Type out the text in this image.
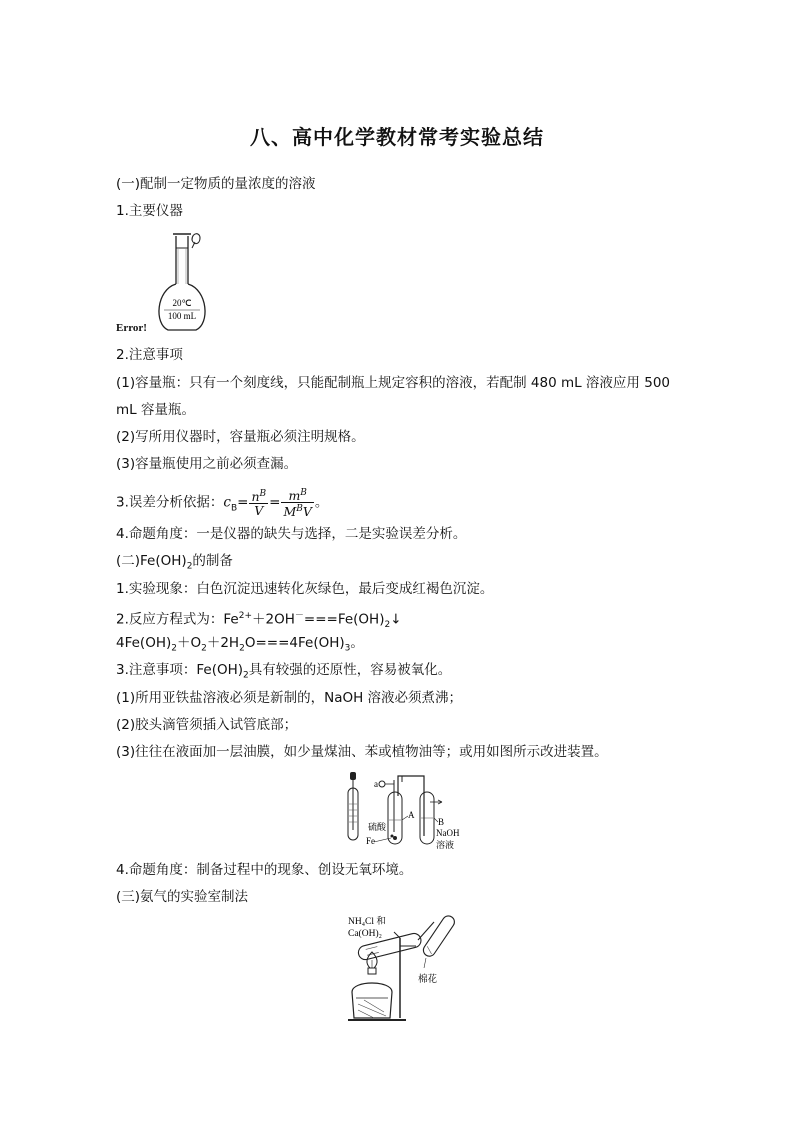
八、高中化学教材常考实验总结
(一)配制一定物质的量浓度的溶液
1.主要仪器
20℃
100 mL
Error!
2.注意事项
(1)容量瓶：只有一个刻度线，只能配制瓶上规定容积的溶液，若配制 480 mL 溶液应用 500
mL 容量瓶。
(2)写所用仪器时，容量瓶必须注明规格。
(3)容量瓶使用之前必须查漏。
3.误差分析依据：$c_B= \frac{n^B}{V} = \frac{m^B}{M^BV}$ 。
4.命题角度：一是仪器的缺失与选择，二是实验误差分析。
(二)$Fe(OH)_2$的制备
1.实验现象：白色沉淀迅速转化灰绿色，最后变成红褐色沉淀。
2.反应方程式为：$Fe^{2+}+2OH^-===Fe(OH)_2↓$
$4Fe(OH)_2+O_2+2H_2O===4Fe(OH)_3$。
3.注意事项：$Fe(OH)_2$具有较强的还原性，容易被氧化。
(1)所用亚铁盐溶液必须是新制的，NaOH 溶液必须煮沸；
(2)胶头滴管须插入试管底部；
(3)往往在液面加一层油膜，如少量煤油、苯或植物油等；或用如图所示改进装置。
a
A
B
硫酸
Fe
NaOH
溶液
4.命题角度：制备过程中的现象、创设无氧环境。
(三)氨气的实验室制法
NH₄Cl 和
Ca(OH)₂
棉花
